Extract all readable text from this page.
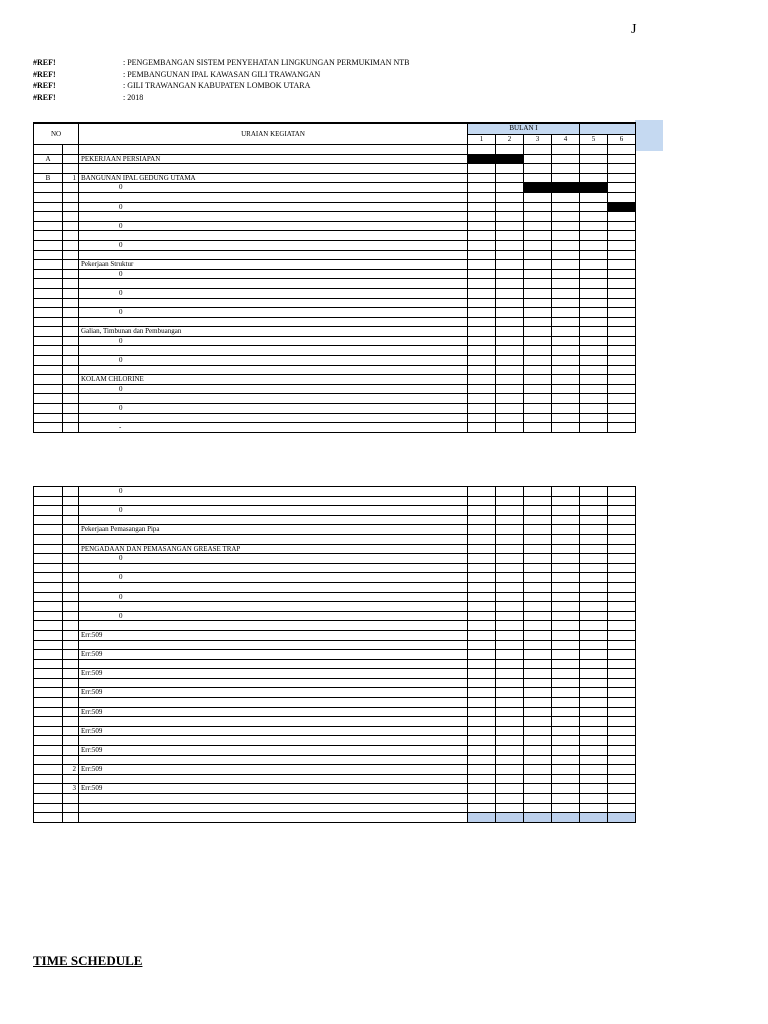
J
#REF!	: PENGEMBANGAN SISTEM PENYEHATAN LINGKUNGAN PERMUKIMAN NTB
#REF!	: PEMBANGUNAN IPAL KAWASAN GILI TRAWANGAN
#REF!	: GILI TRAWANGAN KABUPATEN LOMBOK UTARA
#REF!	: 2018
NO		URAIAN KEGIATAN	BULAN I					
			1	2	3	4	5	6

A		PEKERJAAN PERSIAPAN						

B	1	BANGUNAN IPAL GEDUNG UTAMA						
		0						

		0						

		0						

		0						

		Pekerjaan Struktur						
		0						

		0						

		0						

		Galian, Timbunan dan Pembuangan						
		0						

		0						

		KOLAM CHLORINE						
		0						

		0						

		-						
		0						

		0						

		Pekerjaan Pemasangan Pipa						

		PENGADAAN DAN PEMASANGAN GREASE TRAP						
		0						

		0						

		0						

		0						

		Err:509						

		Err:509						

		Err:509						

		Err:509						

		Err:509						

		Err:509						

		Err:509						

	2	Err:509						

	3	Err:509						

TIME SCHEDULE
